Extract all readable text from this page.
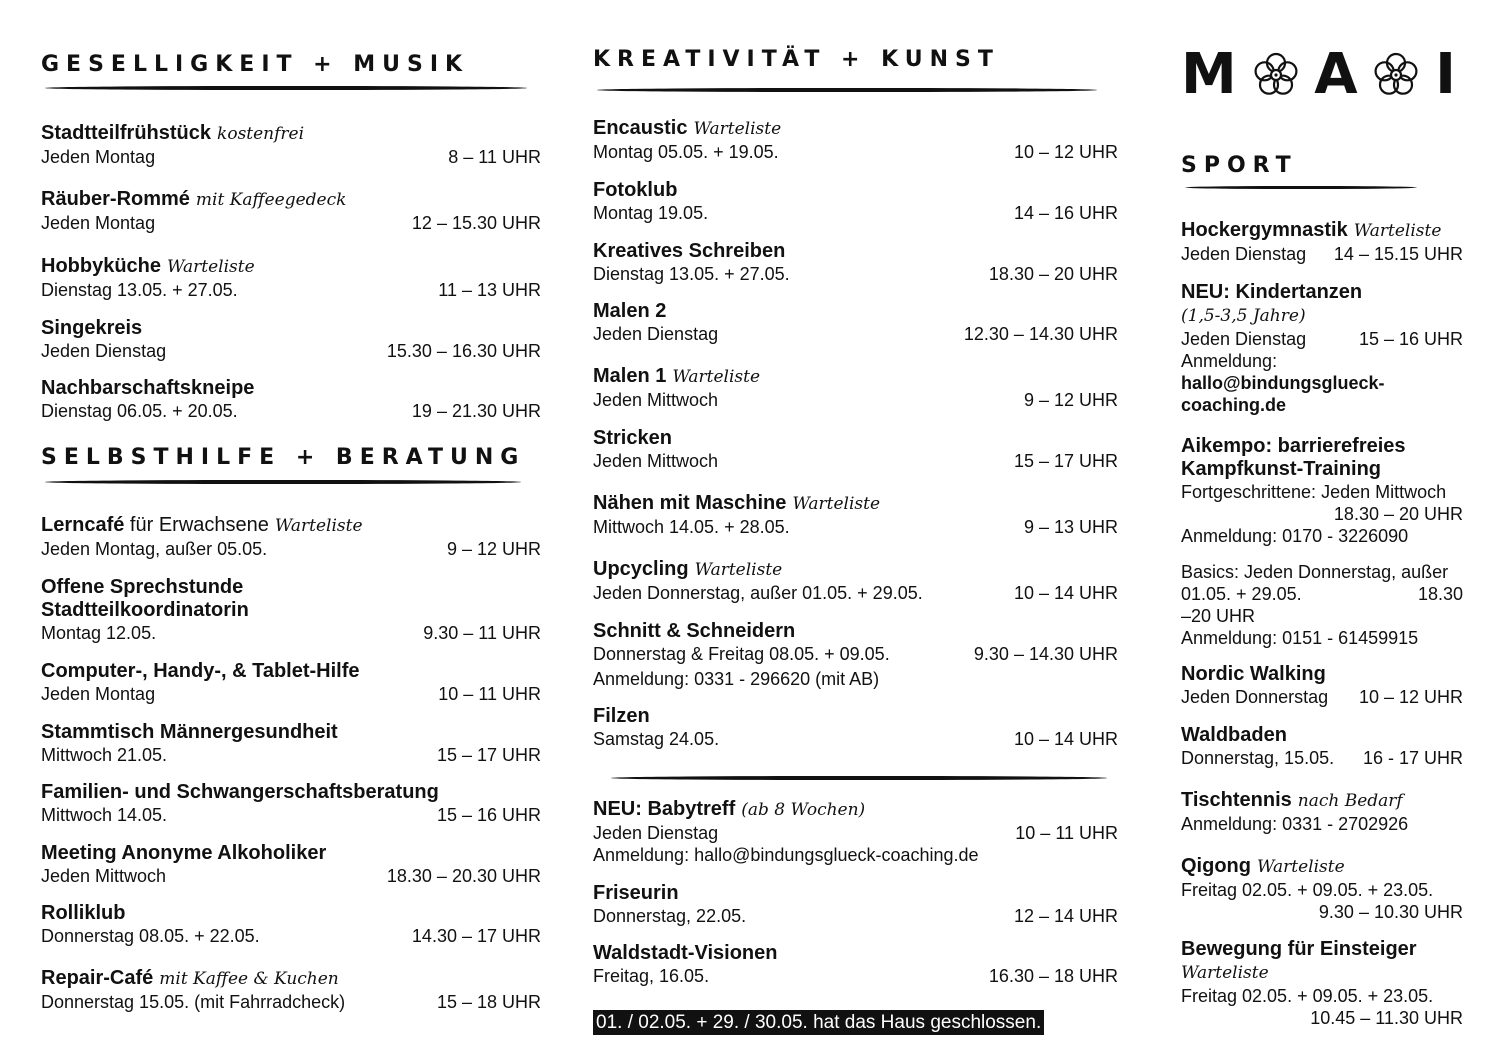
GESELLIGKEIT + MUSIK
Stadtteilfrühstück kostenfrei
Jeden Montag	8 – 11 UHR
Räuber-Rommé mit Kaffeegedeck
Jeden Montag	12 – 15.30 UHR
Hobbyküche Warteliste
Dienstag 13.05. + 27.05.	11 – 13 UHR
Singekreis
Jeden Dienstag	15.30 – 16.30 UHR
Nachbarschaftskneipe
Dienstag 06.05. + 20.05.	19 – 21.30 UHR
SELBSTHILFE + BERATUNG
Lerncafé für Erwachsene Warteliste
Jeden Montag, außer 05.05.	9 – 12 UHR
Offene Sprechstunde
Stadtteilkoordinatorin
Montag 12.05.	9.30 – 11 UHR
Computer-, Handy-, & Tablet-Hilfe
Jeden Montag	10 – 11 UHR
Stammtisch Männergesundheit
Mittwoch 21.05.	15 – 17 UHR
Familien- und Schwangerschaftsberatung
Mittwoch 14.05.	15 – 16 UHR
Meeting Anonyme Alkoholiker
Jeden Mittwoch	18.30 – 20.30 UHR
Rolliklub
Donnerstag 08.05. + 22.05.	14.30 – 17 UHR
Repair-Café mit Kaffee & Kuchen
Donnerstag 15.05. (mit Fahrradcheck)	15 – 18 UHR
KREATIVITÄT + KUNST
Encaustic Warteliste
Montag 05.05. + 19.05.	10 – 12 UHR
Fotoklub
Montag 19.05.	14 – 16 UHR
Kreatives Schreiben
Dienstag 13.05. + 27.05.	18.30 – 20 UHR
Malen 2
Jeden Dienstag	12.30 – 14.30 UHR
Malen 1 Warteliste
Jeden Mittwoch	9 – 12 UHR
Stricken
Jeden Mittwoch	15 – 17 UHR
Nähen mit Maschine Warteliste
Mittwoch 14.05. + 28.05.	9 – 13 UHR
Upcycling Warteliste
Jeden Donnerstag, außer 01.05. + 29.05.	10 – 14 UHR
Schnitt & Schneidern
Donnerstag & Freitag 08.05. + 09.05.	9.30 – 14.30 UHR
Anmeldung: 0331 - 296620 (mit AB)
Filzen
Samstag 24.05.	10 – 14 UHR
NEU: Babytreff (ab 8 Wochen)
Jeden Dienstag	10 – 11 UHR
Anmeldung: hallo@bindungsglueck-coaching.de
Friseurin
Donnerstag, 22.05.	12 – 14 UHR
Waldstadt-Visionen
Freitag, 16.05.	16.30 – 18 UHR
01. / 02.05. + 29. / 30.05. hat das Haus geschlossen.
M A I
SPORT
Hockergymnastik Warteliste
Jeden Dienstag 14 – 15.15 UHR
NEU: Kindertanzen
(1,5-3,5 Jahre)
Jeden Dienstag	15 – 16 UHR
Anmeldung:
hallo@bindungsglueck-
coaching.de
Aikempo: barrierefreies
Kampfkunst-Training
Fortgeschrittene: Jeden Mittwoch
18.30 – 20 UHR
Anmeldung: 0170 - 3226090
Basics: Jeden Donnerstag, außer
01.05. + 29.05.	18.30
–20 UHR
Anmeldung: 0151 - 61459915
Nordic Walking
Jeden Donnerstag 10 – 12 UHR
Waldbaden
Donnerstag, 15.05. 16 - 17 UHR
Tischtennis nach Bedarf
Anmeldung: 0331 - 2702926
Qigong Warteliste
Freitag 02.05. + 09.05. + 23.05.
9.30 – 10.30 UHR
Bewegung für Einsteiger
Warteliste
Freitag 02.05. + 09.05. + 23.05.
10.45 – 11.30 UHR
